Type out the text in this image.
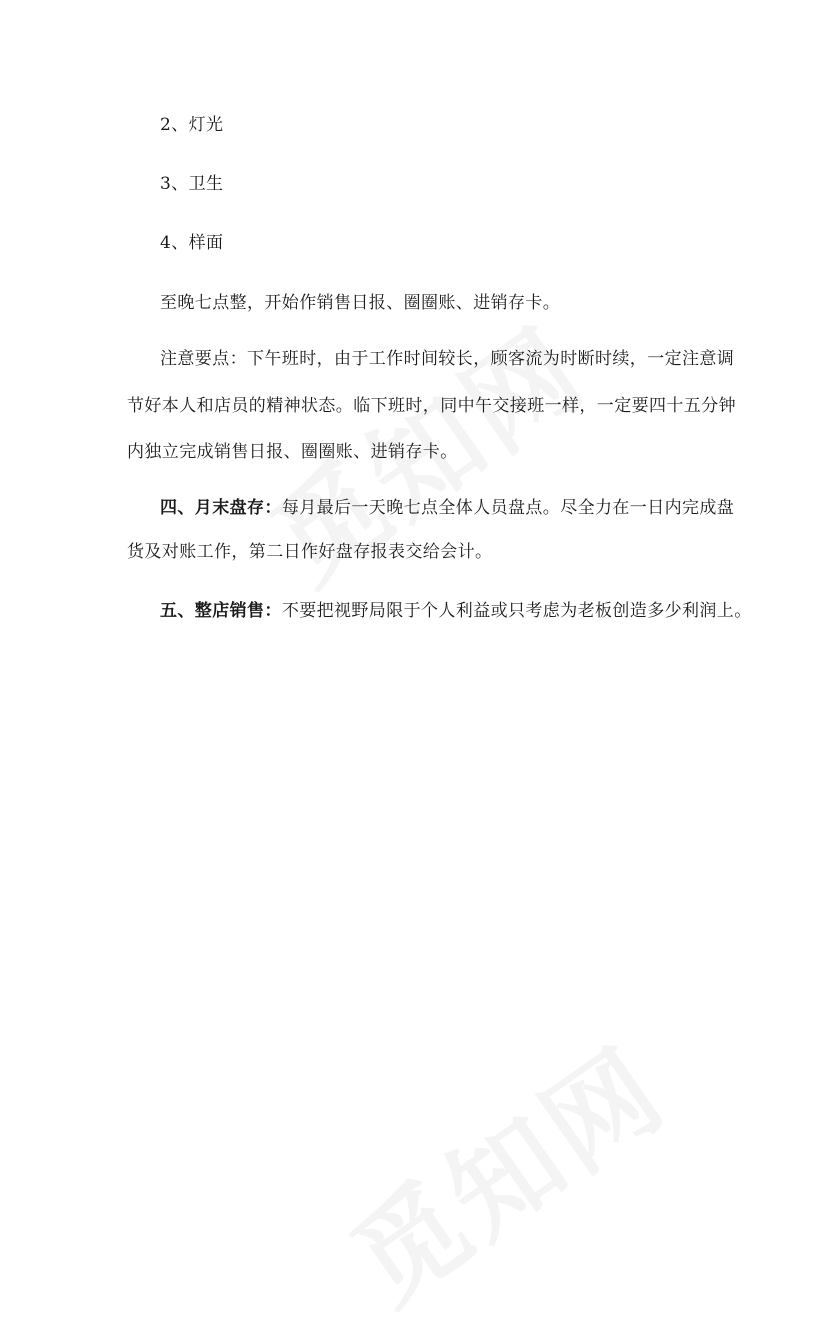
2、灯光
3、卫生
4、样面
至晚七点整，开始作销售日报、圈圈账、进销存卡。
注意要点：下午班时，由于工作时间较长，顾客流为时断时续，一定注意调
节好本人和店员的精神状态。临下班时，同中午交接班一样，一定要四十五分钟
内独立完成销售日报、圈圈账、进销存卡。
四、月末盘存：每月最后一天晚七点全体人员盘点。尽全力在一日内完成盘
货及对账工作，第二日作好盘存报表交给会计。
五、整店销售：不要把视野局限于个人利益或只考虑为老板创造多少利润上。
